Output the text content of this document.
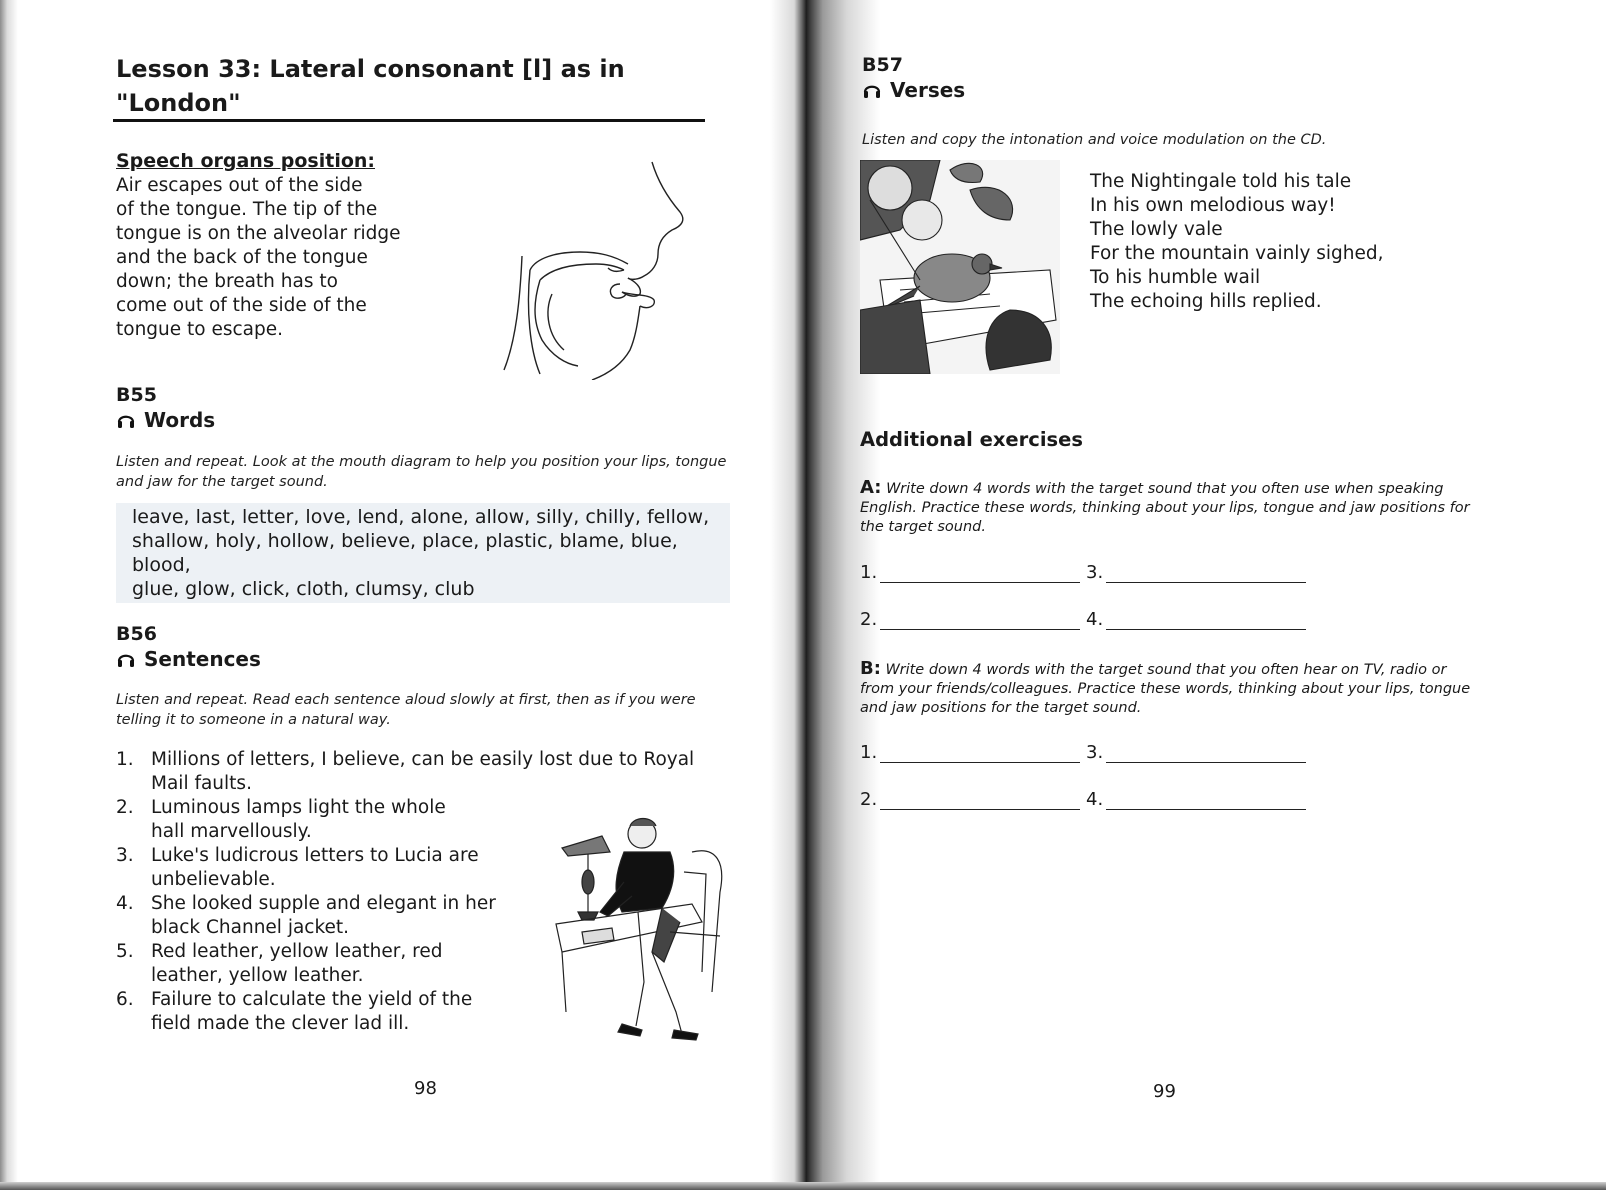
Lesson 33: Lateral consonant [l] as in "London"
Speech organs position:
Air escapes out of the side
of the tongue. The tip of the
tongue is on the alveolar ridge
and the back of the tongue
down; the breath has to
come out of the side of the
tongue to escape.

B55

Words

Listen and repeat. Look at the mouth diagram to help you position your lips, tongue and jaw for the target sound.

leave, last, letter, love, lend, alone, allow, silly, chilly, fellow,
shallow, holy, hollow, believe, place, plastic, blame, blue, blood,
glue, glow, click, cloth, clumsy, club

B56

Sentences

Listen and repeat. Read each sentence aloud slowly at first, then as if you were telling it to someone in a natural way.

1. Millions of letters, I believe, can be easily lost due to Royal Mail faults.
2. Luminous lamps light the whole hall marvellously.
3. Luke's ludicrous letters to Lucia are unbelievable.
4. She looked supple and elegant in her black Channel jacket.
5. Red leather, yellow leather, red leather, yellow leather.
6. Failure to calculate the yield of the field made the clever lad ill.

98

B57

Verses

Listen and copy the intonation and voice modulation on the CD.

The Nightingale told his tale
In his own melodious way!
The lowly vale
For the mountain vainly sighed,
To his humble wail
The echoing hills replied.
Additional exercises

A: Write down 4 words with the target sound that you often use when speaking English. Practice these words, thinking about your lips, tongue and jaw positions for the target sound.

1.	3.
2.	4.

B: Write down 4 words with the target sound that you often hear on TV, radio or from your friends/colleagues. Practice these words, thinking about your lips, tongue and jaw positions for the target sound.

1.	3.
2.	4.

99
